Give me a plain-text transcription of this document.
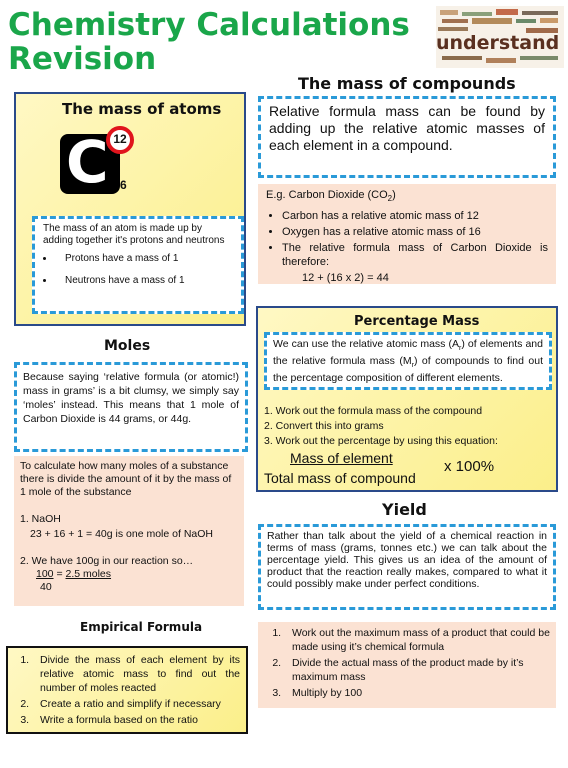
Chemistry Calculations
Revision	understand
The mass of atoms
C 12
6
The mass of an atom is made up by adding together it's protons and neutrons
• Protons have a mass of 1
• Neutrons have a mass of 1
The mass of compounds
Relative formula mass can be found by adding up the relative atomic masses of each element in a compound.
E.g. Carbon Dioxide $(CO_2)$
• Carbon has a relative atomic mass of 12
• Oxygen has a relative atomic mass of 16
• The relative formula mass of Carbon Dioxide is therefore:
12 + (16 x 2) = 44
Moles
Because saying ‘relative formula (or atomic!) mass in grams’ is a bit clumsy, we simply say ‘moles’ instead. This means that 1 mole of Carbon Dioxide is 44 grams, or 44g.
To calculate how many moles of a substance there is divide the amount of it by the mass of 1 mole of the substance
1. NaOH
23 + 16 + 1 = 40g is one mole of NaOH
2. We have 100g in our reaction so…
100 = 2.5 moles
40
Percentage Mass
We can use the relative atomic mass $(A_r)$ of elements and the relative formula mass $(M_r)$ of compounds to find out the percentage composition of different elements.
1. Work out the formula mass of the compound
2. Convert this into grams
3. Work out the percentage by using this equation:
Mass of element
Total mass of compound
x 100%
Yield
Rather than talk about the yield of a chemical reaction in terms of mass (grams, tonnes etc.) we can talk about the percentage yield. This gives us an idea of the amount of product that the reaction really makes, compared to what it could possibly make under perfect conditions.
1. Work out the maximum mass of a product that could be made using it’s chemical formula
2. Divide the actual mass of the product made by it’s maximum mass
3. Multiply by 100
Empirical Formula
1. Divide the mass of each element by its relative atomic mass to find out the number of moles reacted
2. Create a ratio and simplify if necessary
3. Write a formula based on the ratio
